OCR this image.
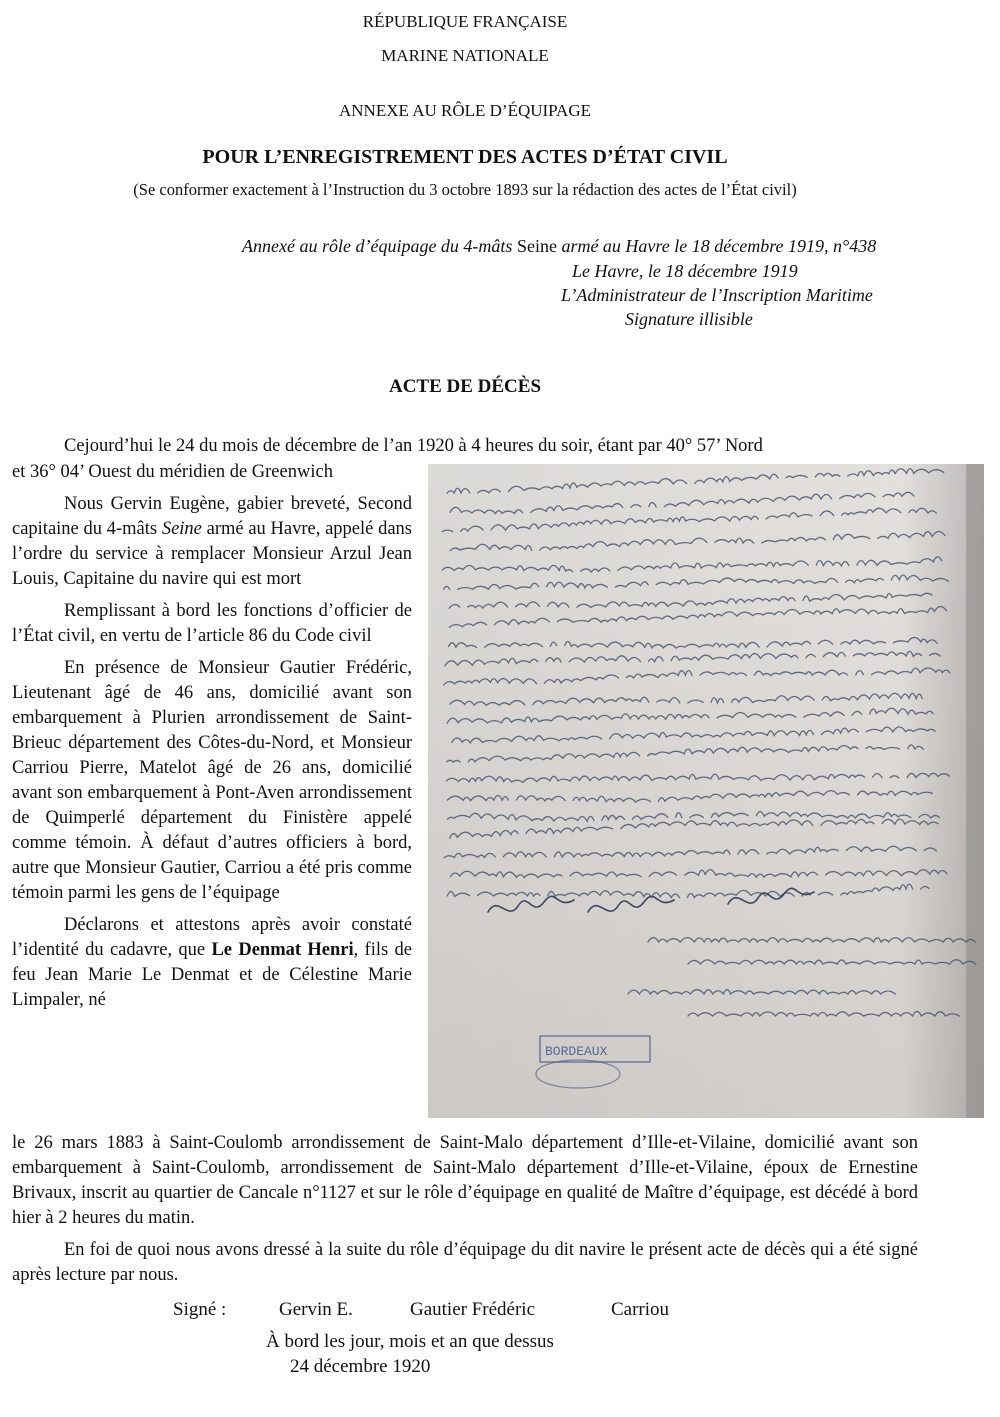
RÉPUBLIQUE FRANÇAISE
MARINE NATIONALE
ANNEXE AU RÔLE D’ÉQUIPAGE
POUR L’ENREGISTREMENT DES ACTES D’ÉTAT CIVIL
(Se conformer exactement à l’Instruction du 3 octobre 1893 sur la rédaction des actes de l’État civil)
Annexé au rôle d’équipage du 4-mâts Seine armé au Havre le 18 décembre 1919, n°438
Le Havre, le 18 décembre 1919
L’Administrateur de l’Inscription Maritime
Signature illisible
ACTE DE DÉCÈS

Cejourd’hui le 24 du mois de décembre de l’an 1920 à 4 heures du soir, étant par 40° 57’ Nord

et 36° 04’ Ouest du méridien de Greenwich

Nous Gervin Eugène, gabier breveté, Second capitaine du 4-mâts Seine armé au Havre, appelé dans l’ordre du service à remplacer Monsieur Arzul Jean Louis, Capitaine du navire qui est mort

Remplissant à bord les fonctions d’officier de l’État civil, en vertu de l’article 86 du Code civil

En présence de Monsieur Gautier Frédéric, Lieutenant âgé de 46 ans, domicilié avant son embarquement à Plurien arrondissement de Saint-Brieuc département des Côtes-du-Nord, et Monsieur Carriou Pierre, Matelot âgé de 26 ans, domicilié avant son embarquement à Pont-Aven arrondissement de Quimperlé département du Finistère appelé comme témoin. À défaut d’autres officiers à bord, autre que Monsieur Gautier, Carriou a été pris comme témoin parmi les gens de l’équipage

Déclarons et attestons après avoir constaté l’identité du cadavre, que Le Denmat Henri, fils de feu Jean Marie Le Denmat et de Célestine Marie Limpaler, né

le 26 mars 1883 à Saint-Coulomb arrondissement de Saint-Malo département d’Ille-et-Vilaine, domicilié avant son embarquement à Saint-Coulomb, arrondissement de Saint-Malo département d’Ille-et-Vilaine, époux de Ernestine Brivaux, inscrit au quartier de Cancale n°1127 et sur le rôle d’équipage en qualité de Maître d’équipage, est décédé à bord hier à 2 heures du matin.

En foi de quoi nous avons dressé à la suite du rôle d’équipage du dit navire le présent acte de décès qui a été signé après lecture par nous.

Signé :	Gervin E.	Gautier Frédéric	Carriou
À bord les jour, mois et an que dessus
24 décembre 1920
BORDEAUX
